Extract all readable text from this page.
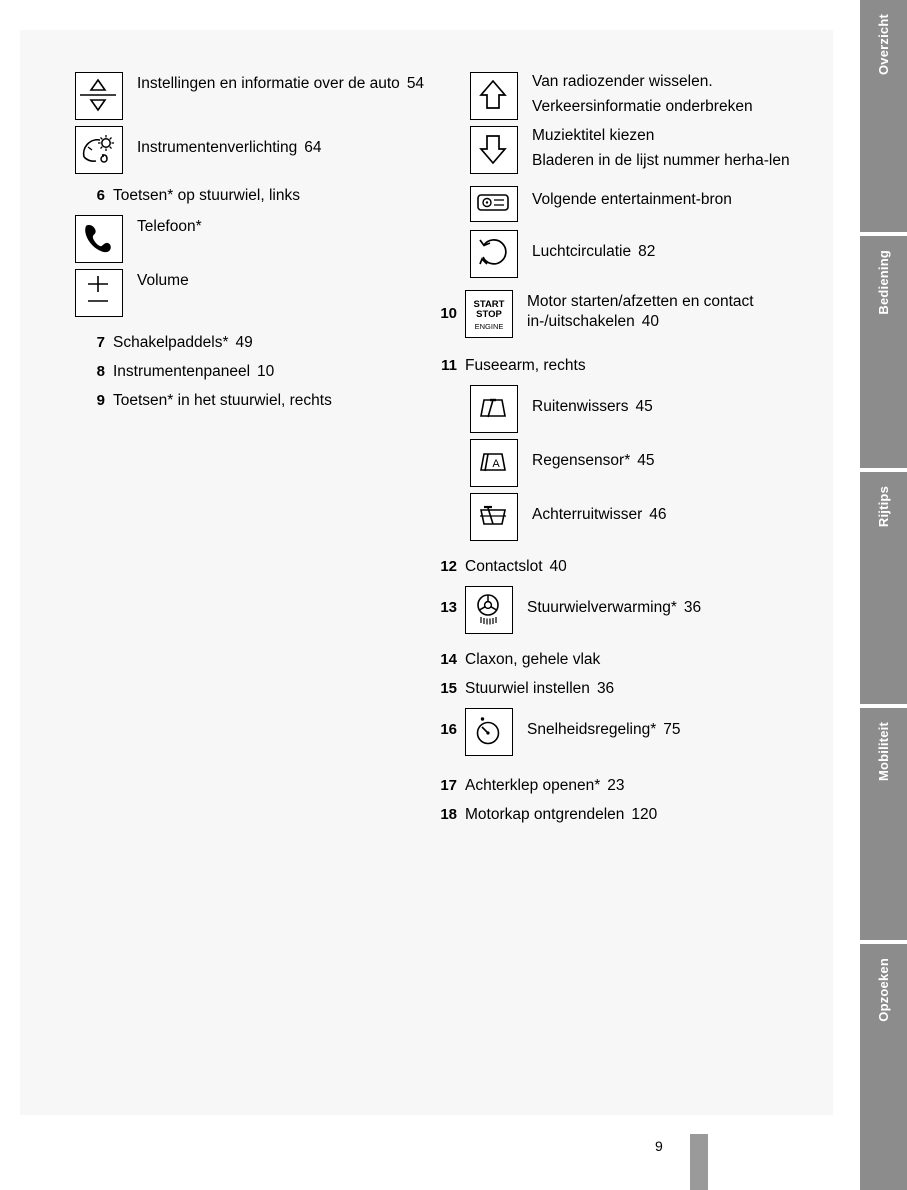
Instellingen en informatie over de auto 54
Instrumentenverlichting 64
6 Toetsen* op stuurwiel, links
Telefoon*
Volume
7 Schakelpaddels* 49
8 Instrumentenpaneel 10
9 Toetsen* in het stuurwiel, rechts
Van radiozender wisselen.
Verkeersinformatie onderbreken
Muziektitel kiezen
Bladeren in de lijst nummer herha-len
Volgende entertainment-bron
Luchtcirculatie 82
10
START
STOP
ENGINE
Motor starten/afzetten en contact in-/uitschakelen 40
11 Fuseearm, rechts
Ruitenwissers 45
A Regensensor* 45
Achterruitwisser 46
12 Contactslot 40
13	Stuurwielverwarming* 36
14 Claxon, gehele vlak
15 Stuurwiel instellen 36
16	Snelheidsregeling* 75
17 Achterklep openen* 23
18 Motorkap ontgrendelen 120
9
Overzicht
Bediening
Rijtips
Mobiliteit
Opzoeken
